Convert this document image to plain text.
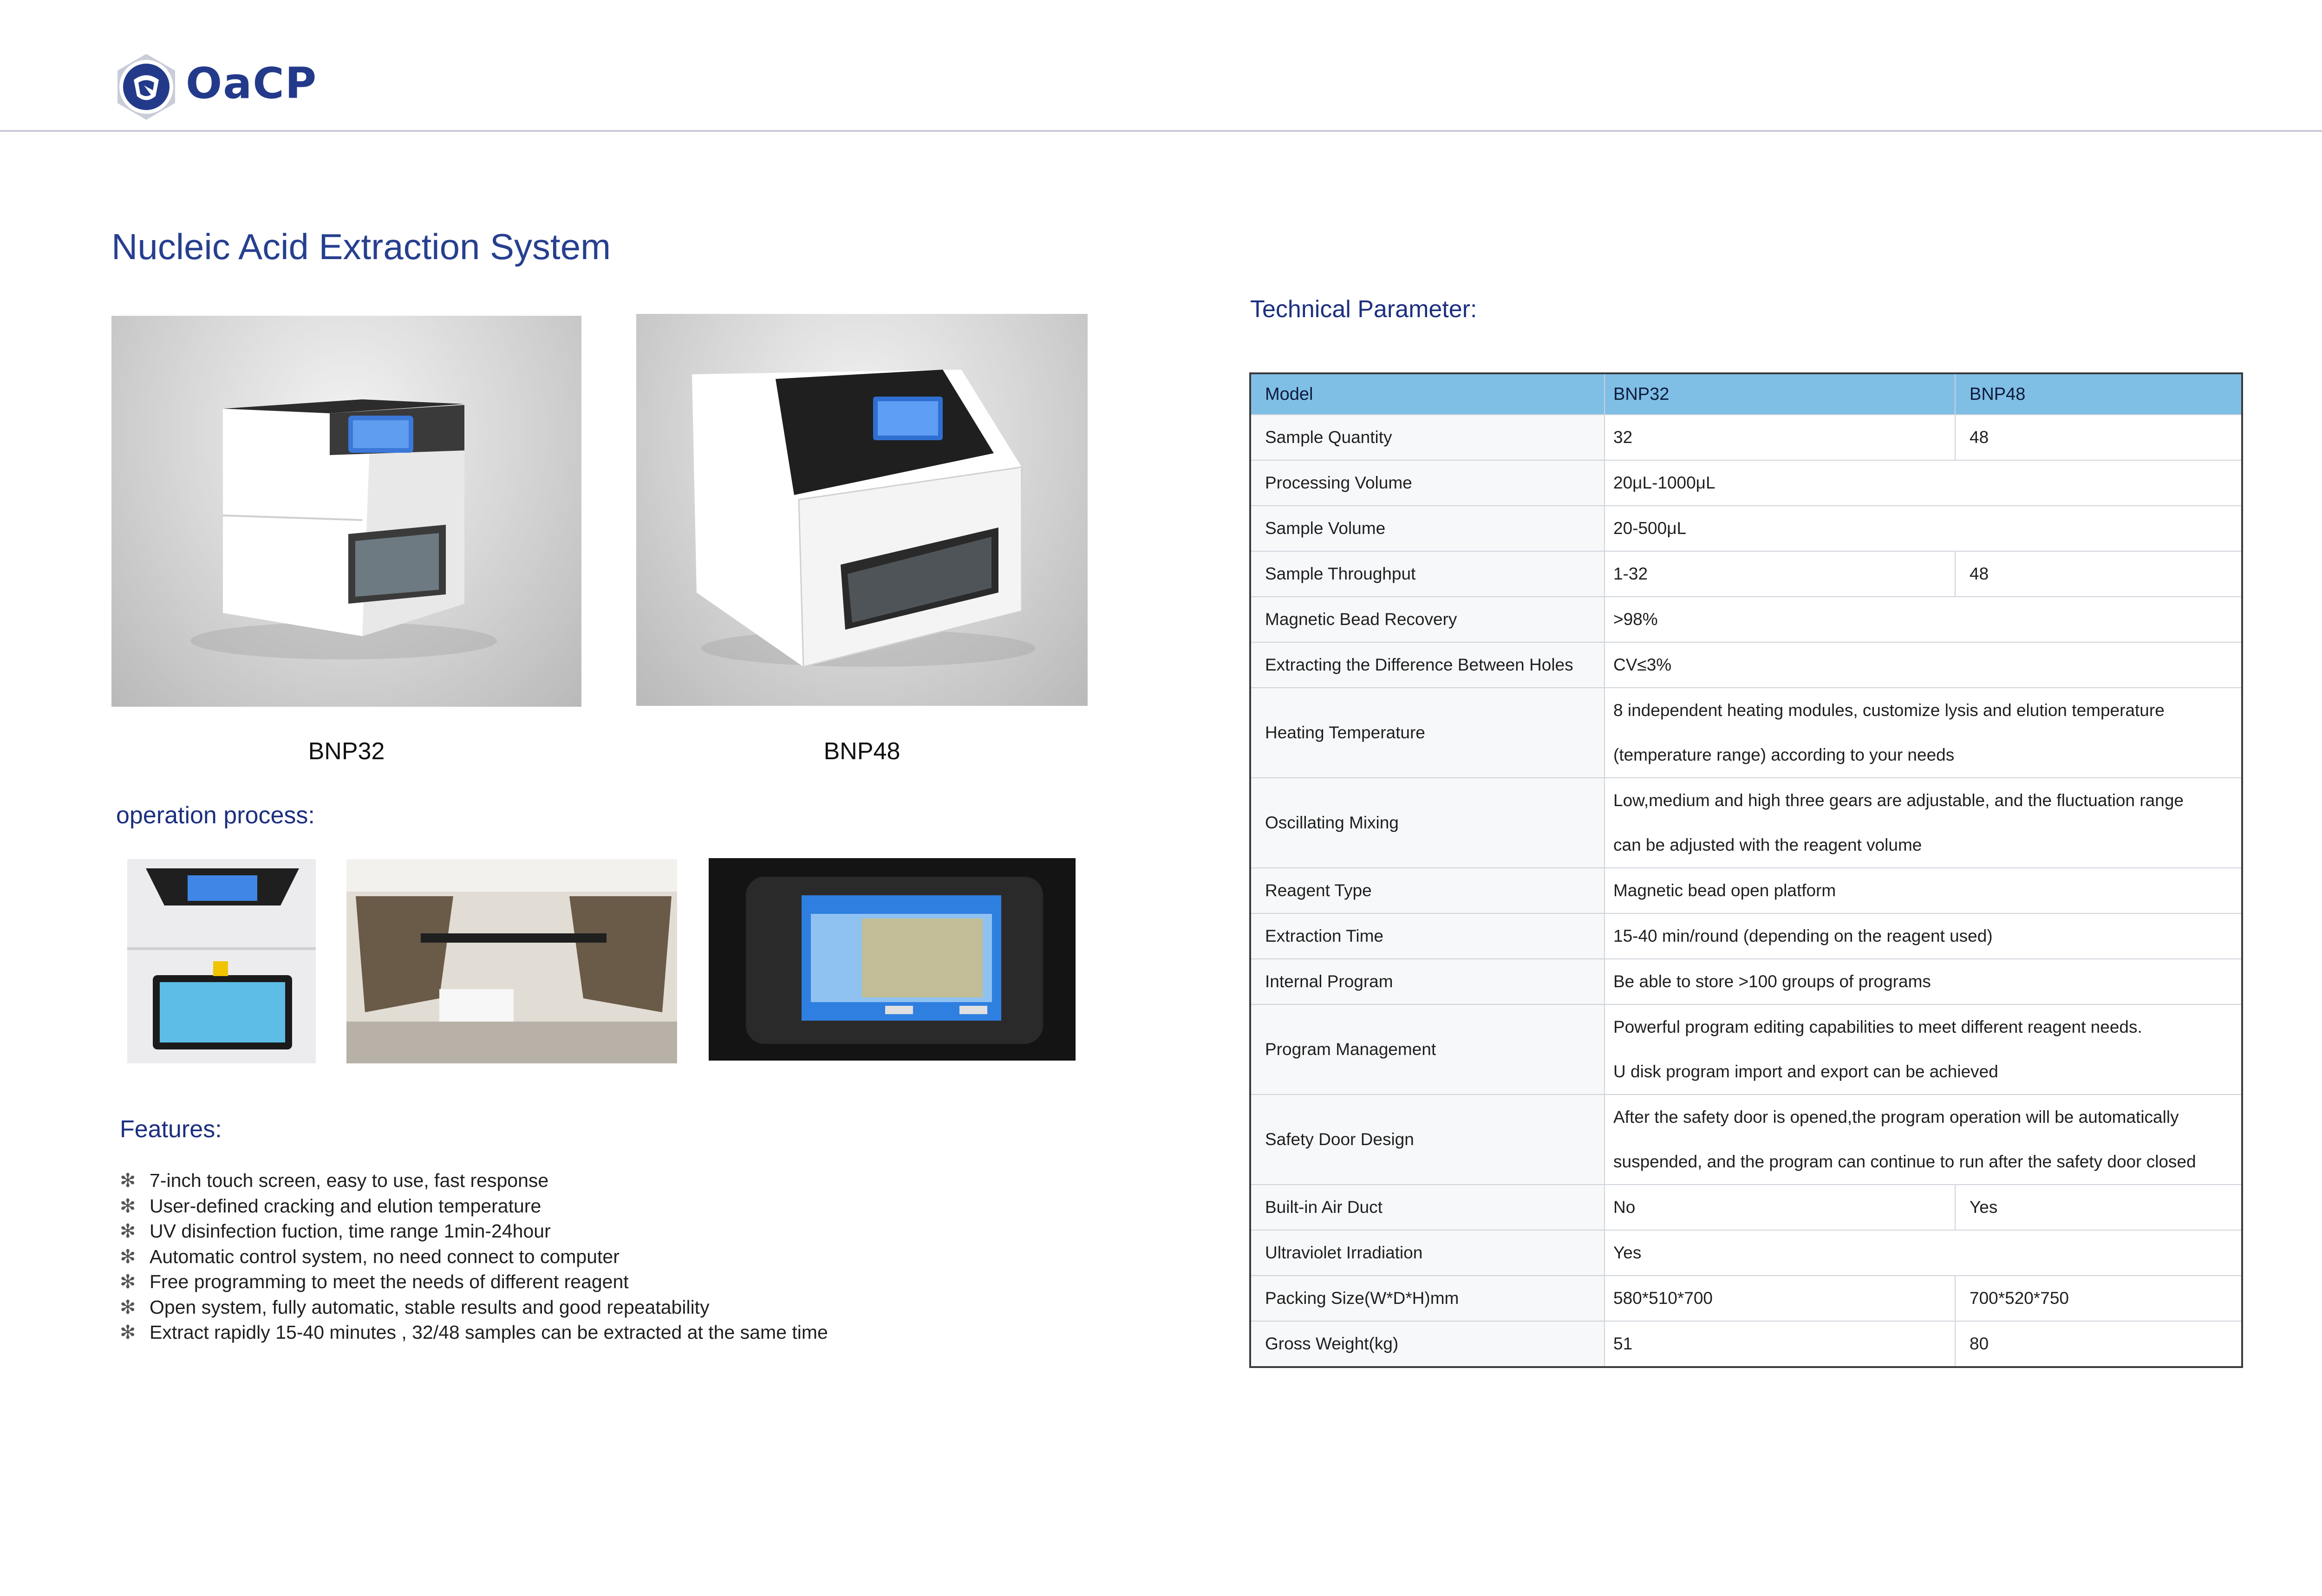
OaCP
Nucleic Acid Extraction System
BNP32	BNP48
operation process:
Features:
✻ 7-inch touch screen, easy to use, fast response
✻ User-defined cracking and elution temperature
✻ UV disinfection fuction, time range 1min-24hour
✻ Automatic control system, no need connect to computer
✻ Free programming to meet the needs of different reagent
✻ Open system, fully automatic, stable results and good repeatability
✻ Extract rapidly 15-40 minutes , 32/48 samples can be extracted at the same time
Technical Parameter:
Model	BNP32	BNP48
Sample Quantity	32	48
Processing Volume	20μL-1000μL	
Sample Volume	20-500μL	
Sample Throughput	1-32	48
Magnetic Bead Recovery	>98%	
Extracting the Difference Between Holes	CV≤3%	
Heating Temperature	8 independent heating modules, customize lysis and elution temperature
(temperature range) according to your needs	

Oscillating Mixing	Low,medium and high three gears are adjustable, and the fluctuation range
can be adjusted with the reagent volume	

Reagent Type	Magnetic bead open platform	
Extraction Time	15-40 min/round (depending on the reagent used)	
Internal Program	Be able to store >100 groups of programs	
Program Management	Powerful program editing capabilities to meet different reagent needs.
U disk program import and export can be achieved	

Safety Door Design	After the safety door is opened,the program operation will be automatically
suspended, and the program can continue to run after the safety door closed	

Built-in Air Duct	No	Yes
Ultraviolet Irradiation	Yes	
Packing Size(W*D*H)mm	580*510*700	700*520*750
Gross Weight(kg)	51	80
